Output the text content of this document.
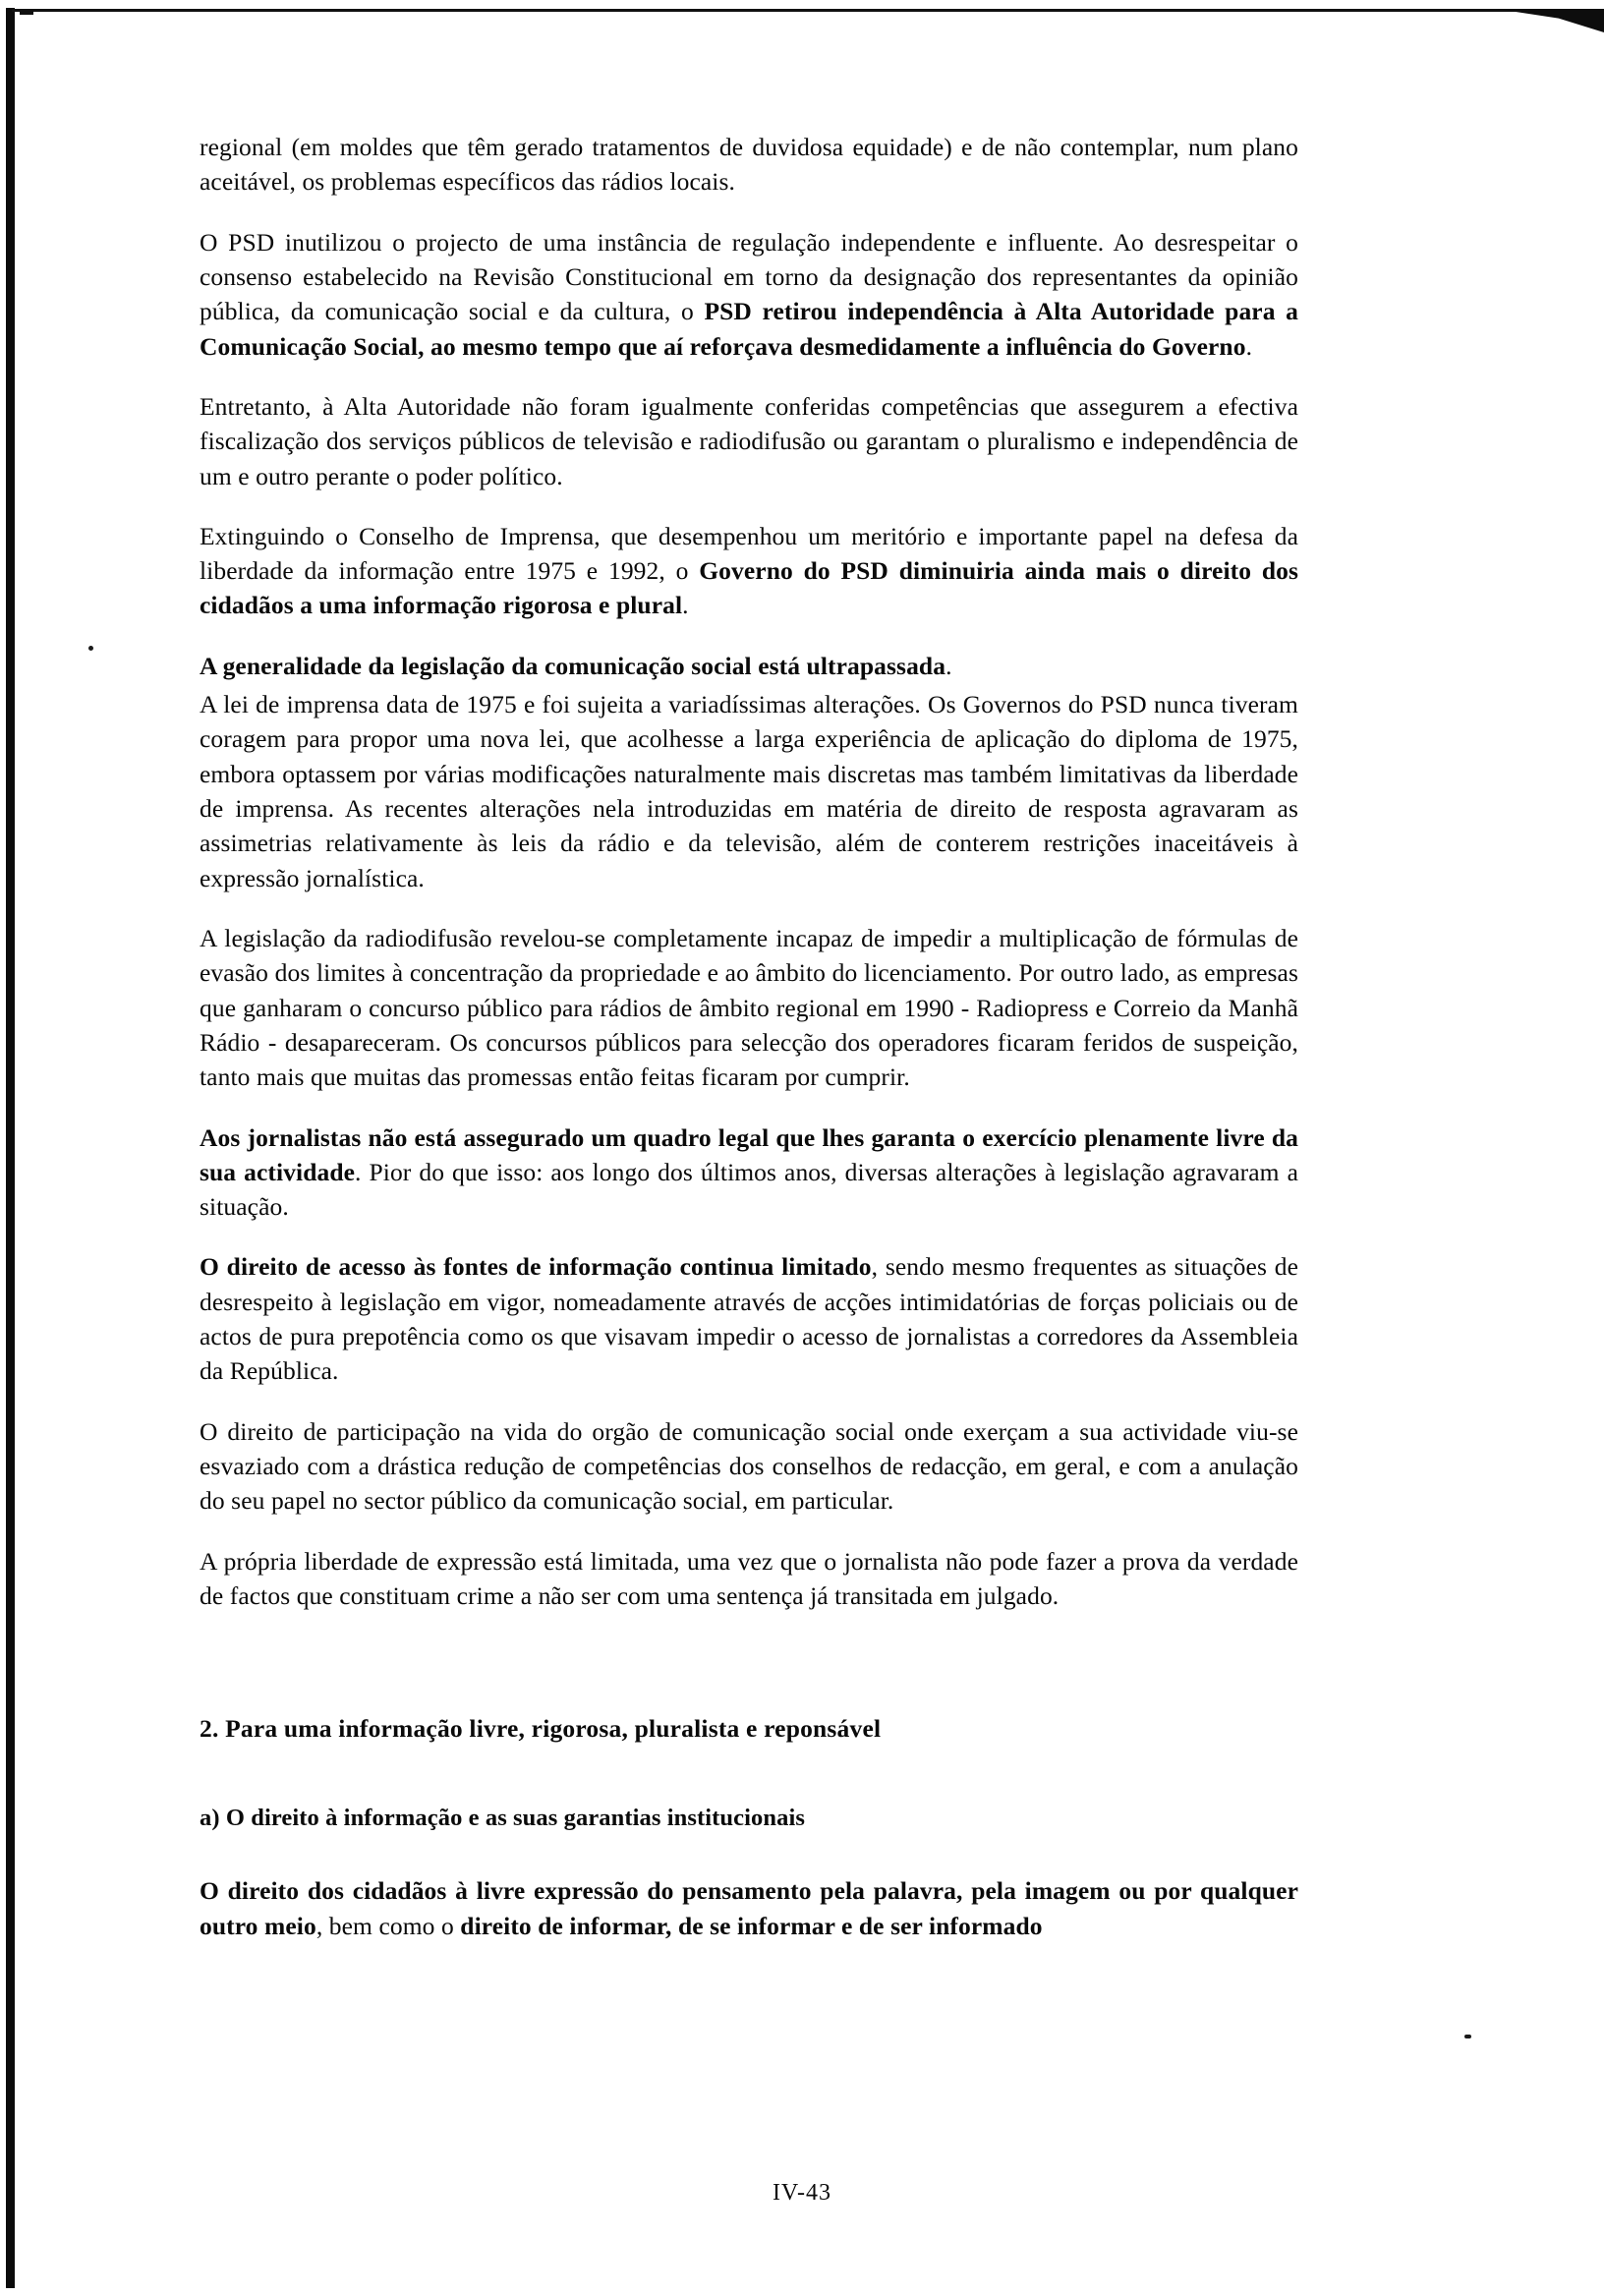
regional (em moldes que têm gerado tratamentos de duvidosa equidade) e de não contemplar, num plano aceitável, os problemas específicos das rádios locais.

O PSD inutilizou o projecto de uma instância de regulação independente e influente. Ao desrespeitar o consenso estabelecido na Revisão Constitucional em torno da designação dos representantes da opinião pública, da comunicação social e da cultura, o PSD retirou independência à Alta Autoridade para a Comunicação Social, ao mesmo tempo que aí reforçava desmedidamente a influência do Governo.

Entretanto, à Alta Autoridade não foram igualmente conferidas competências que assegurem a efectiva fiscalização dos serviços públicos de televisão e radiodifusão ou garantam o pluralismo e independência de um e outro perante o poder político.

Extinguindo o Conselho de Imprensa, que desempenhou um meritório e importante papel na defesa da liberdade da informação entre 1975 e 1992, o Governo do PSD diminuiria ainda mais o direito dos cidadãos a uma informação rigorosa e plural.

A generalidade da legislação da comunicação social está ultrapassada.

A lei de imprensa data de 1975 e foi sujeita a variadíssimas alterações. Os Governos do PSD nunca tiveram coragem para propor uma nova lei, que acolhesse a larga experiência de aplicação do diploma de 1975, embora optassem por várias modificações naturalmente mais discretas mas também limitativas da liberdade de imprensa. As recentes alterações nela introduzidas em matéria de direito de resposta agravaram as assimetrias relativamente às leis da rádio e da televisão, além de conterem restrições inaceitáveis à expressão jornalística.

A legislação da radiodifusão revelou-se completamente incapaz de impedir a multiplicação de fórmulas de evasão dos limites à concentração da propriedade e ao âmbito do licenciamento. Por outro lado, as empresas que ganharam o concurso público para rádios de âmbito regional em 1990 - Radiopress e Correio da Manhã Rádio - desapareceram. Os concursos públicos para selecção dos operadores ficaram feridos de suspeição, tanto mais que muitas das promessas então feitas ficaram por cumprir.

Aos jornalistas não está assegurado um quadro legal que lhes garanta o exercício plenamente livre da sua actividade. Pior do que isso: aos longo dos últimos anos, diversas alterações à legislação agravaram a situação.

O direito de acesso às fontes de informação continua limitado, sendo mesmo frequentes as situações de desrespeito à legislação em vigor, nomeadamente através de acções intimidatórias de forças policiais ou de actos de pura prepotência como os que visavam impedir o acesso de jornalistas a corredores da Assembleia da República.

O direito de participação na vida do orgão de comunicação social onde exerçam a sua actividade viu-se esvaziado com a drástica redução de competências dos conselhos de redacção, em geral, e com a anulação do seu papel no sector público da comunicação social, em particular.

A própria liberdade de expressão está limitada, uma vez que o jornalista não pode fazer a prova da verdade de factos que constituam crime a não ser com uma sentença já transitada em julgado.

2. Para uma informação livre, rigorosa, pluralista e reponsável
a) O direito à informação e as suas garantias institucionais

O direito dos cidadãos à livre expressão do pensamento pela palavra, pela imagem ou por qualquer outro meio, bem como o direito de informar, de se informar e de ser informado

IV-43
